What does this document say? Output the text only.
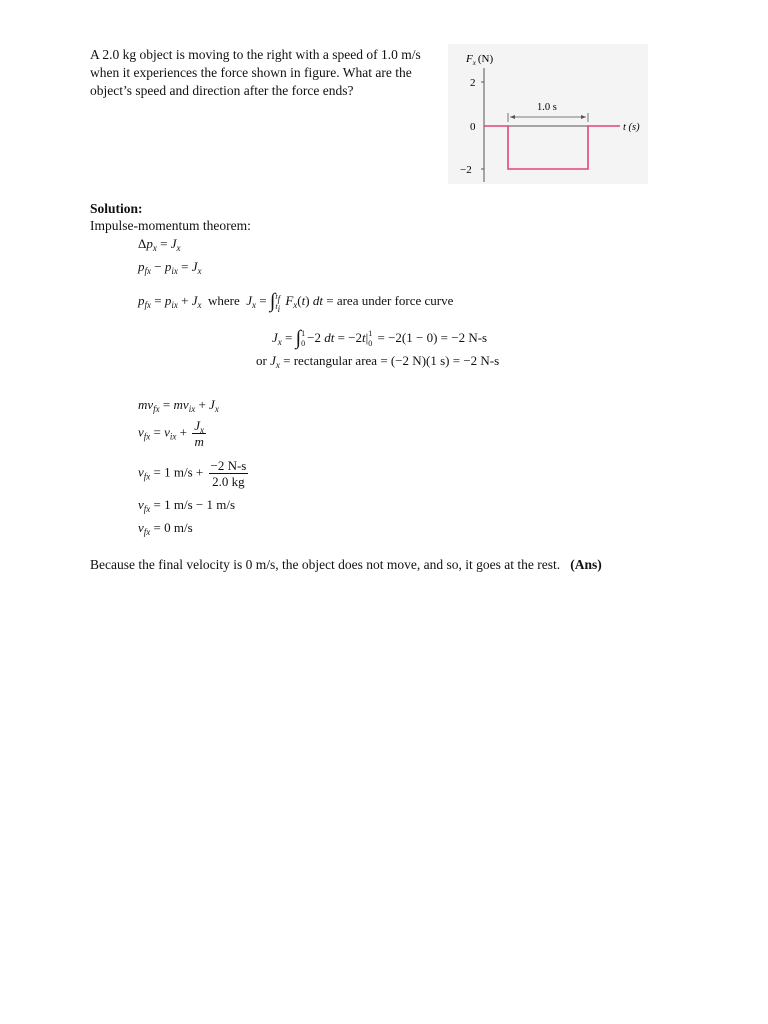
A 2.0 kg object is moving to the right with a speed of 1.0 m/s
when it experiences the force shown in figure. What are the
object’s speed and direction after the force ends?
$F_x$ (N)
2
0
−2
1.0 s
t (s)
Solution:
Impulse-momentum theorem:
$\Delta p_x = J_x$
$p_{fx} - p_{ix} = J_x$
$p_{fx} = p_{ix} + J_x$ where $J_x$ = ∫ $t_f$
$t_i$
$F_x(t)$ dt = area under force curve
$J_x$ = ∫ 1
0 −2 dt = −2t| 1
0 = −2(1 − 0) = −2 N-s
or $J_x$ = rectangular area = (−2 N)(1 s) = −2 N-s
$mv_{fx} = mv_{ix} + J_x$
$v_{fx} = v_{ix} + \frac{J_x}{m}$
$v_{fx} = 1$ $m/s + \frac{-2 N-s}{2.0 kg}$
$v_{fx} = 1$ m/s − 1 m/s
$v_{fx} = 0$ m/s
Because the final velocity is 0 m/s, the object does not move, and so, it goes at the rest. (Ans)
